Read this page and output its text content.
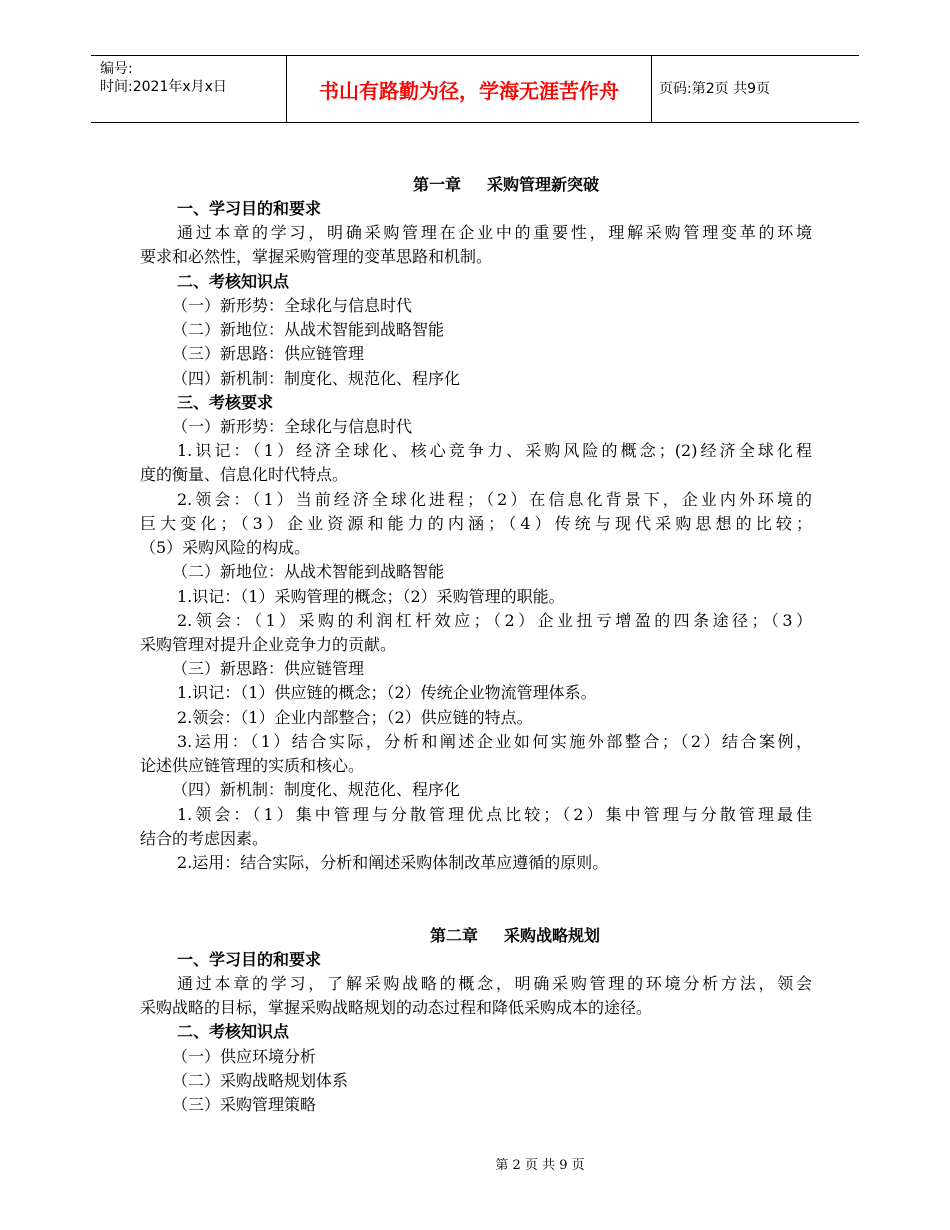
编号:
时间:2021年x月x日	书山有路勤为径，学海无涯苦作舟	页码:第2页 共9页
第一章 采购管理新突破
一、学习目的和要求
通过本章的学习，明确采购管理在企业中的重要性，理解采购管理变革的环境
要求和必然性，掌握采购管理的变革思路和机制。
二、考核知识点
（一）新形势：全球化与信息时代
（二）新地位：从战术智能到战略智能
（三）新思路：供应链管理
（四）新机制：制度化、规范化、程序化
三、考核要求
（一）新形势：全球化与信息时代
1.识记：（1）经济全球化、核心竞争力、采购风险的概念；(2)经济全球化程
度的衡量、信息化时代特点。
2.领会：（1）当前经济全球化进程；（2）在信息化背景下，企业内外环境的
巨大变化；（3）企业资源和能力的内涵；（4）传统与现代采购思想的比较；
（5）采购风险的构成。
（二）新地位：从战术智能到战略智能
1.识记：（1）采购管理的概念；（2）采购管理的职能。
2.领会：（1）采购的利润杠杆效应；（2）企业扭亏增盈的四条途径；（3）
采购管理对提升企业竞争力的贡献。
（三）新思路：供应链管理
1.识记：（1）供应链的概念；（2）传统企业物流管理体系。
2.领会：（1）企业内部整合；（2）供应链的特点。
3.运用：（1）结合实际，分析和阐述企业如何实施外部整合；（2）结合案例，
论述供应链管理的实质和核心。
（四）新机制：制度化、规范化、程序化
1.领会：（1）集中管理与分散管理优点比较；（2）集中管理与分散管理最佳
结合的考虑因素。
2.运用：结合实际，分析和阐述采购体制改革应遵循的原则。
第二章 采购战略规划
一、学习目的和要求
通过本章的学习，了解采购战略的概念，明确采购管理的环境分析方法，领会
采购战略的目标，掌握采购战略规划的动态过程和降低采购成本的途径。
二、考核知识点
（一）供应环境分析
（二）采购战略规划体系
（三）采购管理策略
第 2 页 共 9 页
